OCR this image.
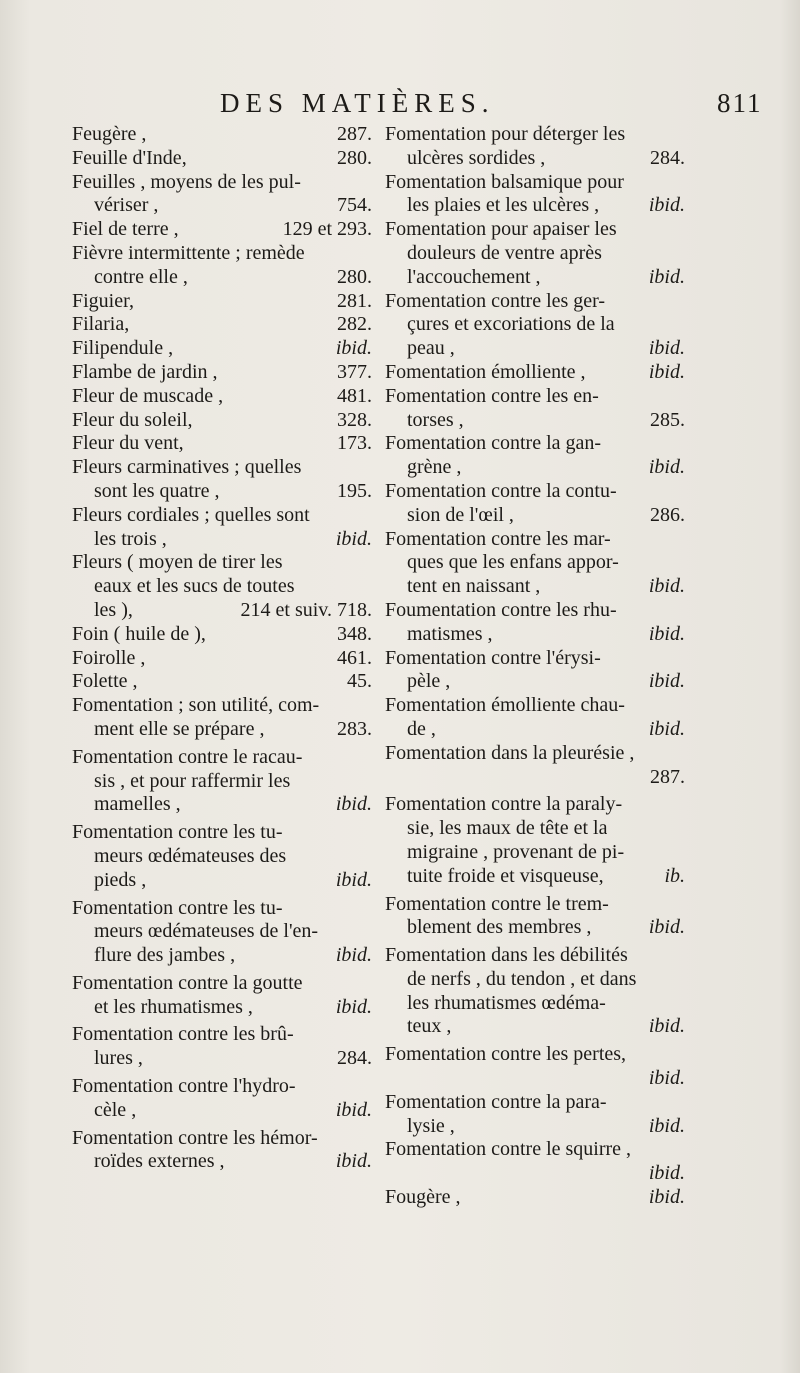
DES MATIÈRES.	811
Feugère ,	287.
Feuille d'Inde,	280.
Feuilles , moyens de les pul-
vériser ,	754.
Fiel de terre ,	129 et 293.
Fièvre intermittente ; remède
contre elle ,	280.
Figuier,	281.
Filaria,	282.
Filipendule ,	ibid.
Flambe de jardin ,	377.
Fleur de muscade ,	481.
Fleur du soleil,	328.
Fleur du vent,	173.
Fleurs carminatives ; quelles
sont les quatre ,	195.
Fleurs cordiales ; quelles sont
les trois ,	ibid.
Fleurs ( moyen de tirer les
eaux et les sucs de toutes
les ),	214 et suiv. 718.
Foin ( huile de ),	348.
Foirolle ,	461.
Folette ,	45.
Fomentation ; son utilité, com-
ment elle se prépare ,	283.
Fomentation contre le racau-
sis , et pour raffermir les
mamelles ,	ibid.
Fomentation contre les tu-
meurs œdémateuses des
pieds ,	ibid.
Fomentation contre les tu-
meurs œdémateuses de l'en-
flure des jambes ,	ibid.
Fomentation contre la goutte
et les rhumatismes ,	ibid.
Fomentation contre les brû-
lures ,	284.
Fomentation contre l'hydro-
cèle ,	ibid.
Fomentation contre les hémor-
roïdes externes ,	ibid.
Fomentation pour déterger les
ulcères sordides ,	284.
Fomentation balsamique pour
les plaies et les ulcères ,	ibid.
Fomentation pour apaiser les
douleurs de ventre après
l'accouchement ,	ibid.
Fomentation contre les ger-
çures et excoriations de la
peau ,	ibid.
Fomentation émolliente ,	ibid.
Fomentation contre les en-
torses ,	285.
Fomentation contre la gan-
grène ,	ibid.
Fomentation contre la contu-
sion de l'œil ,	286.
Fomentation contre les mar-
ques que les enfans appor-
tent en naissant ,	ibid.
Foumentation contre les rhu-
matismes ,	ibid.
Fomentation contre l'érysi-
pèle ,	ibid.
Fomentation émolliente chau-
de ,	ibid.
Fomentation dans la pleurésie ,
287.
Fomentation contre la paraly-
sie, les maux de tête et la
migraine , provenant de pi-
tuite froide et visqueuse,	ib.
Fomentation contre le trem-
blement des membres ,	ibid.
Fomentation dans les débilités
de nerfs , du tendon , et dans
les rhumatismes œdéma-
teux ,	ibid.
Fomentation contre les pertes,
ibid.
Fomentation contre la para-
lysie ,	ibid.
Fomentation contre le squirre ,
ibid.
Fougère ,	ibid.
